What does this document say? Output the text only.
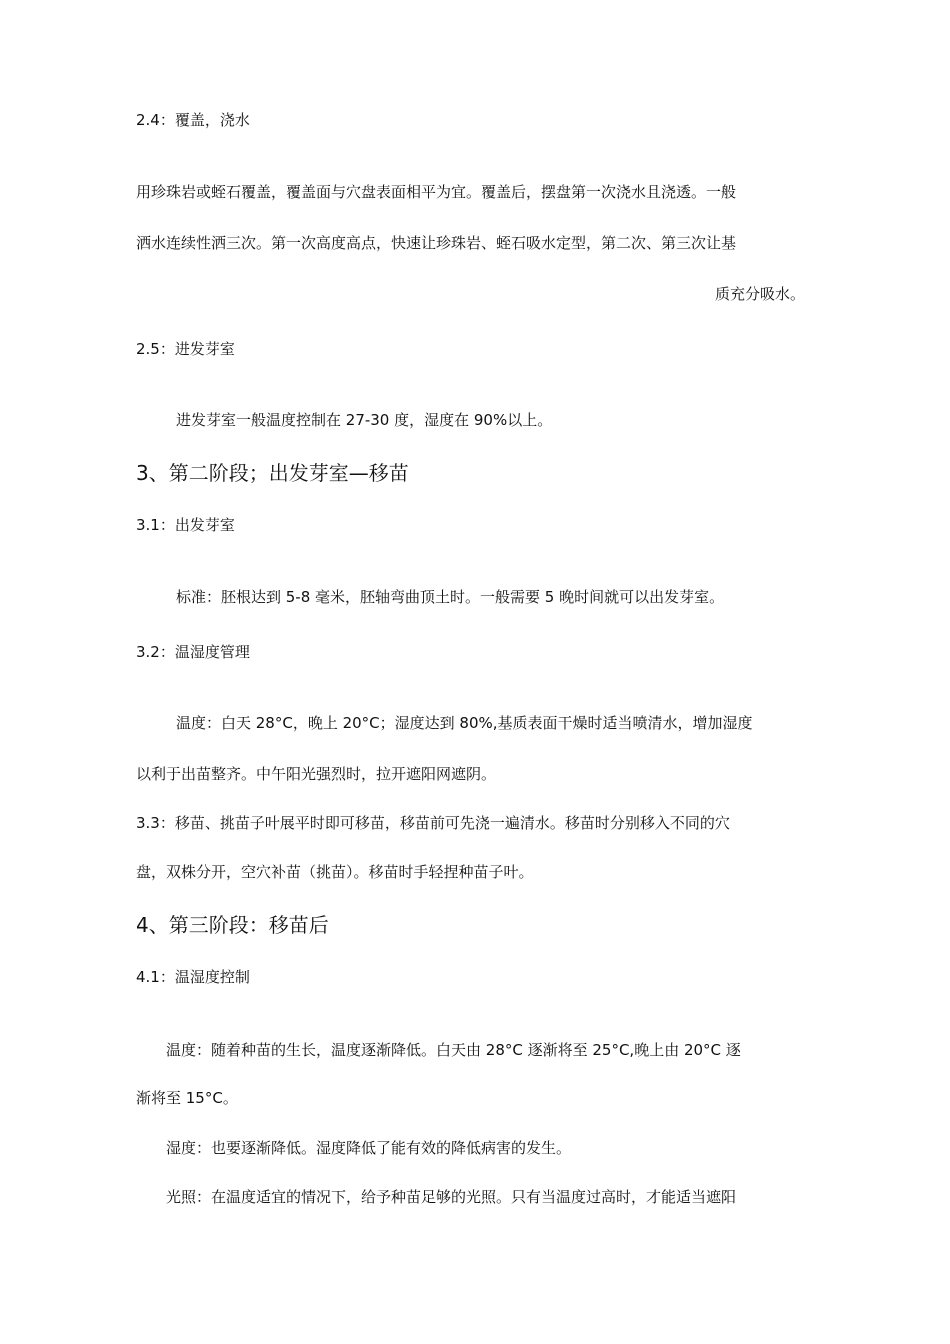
2.4：覆盖，浇水
用珍珠岩或蛭石覆盖，覆盖面与穴盘表面相平为宜。覆盖后，摆盘第一次浇水且浇透。一般
洒水连续性洒三次。第一次高度高点，快速让珍珠岩、蛭石吸水定型，第二次、第三次让基
质充分吸水。
2.5：进发芽室
进发芽室一般温度控制在 27-30 度，湿度在 90%以上。
3、第二阶段；出发芽室—移苗
3.1：出发芽室
标准：胚根达到 5-8 毫米，胚轴弯曲顶土时。一般需要 5 晚时间就可以出发芽室。
3.2：温湿度管理
温度：白天 28°C，晚上 20°C；湿度达到 80%,基质表面干燥时适当喷清水，增加湿度
以利于出苗整齐。中午阳光强烈时，拉开遮阳网遮阴。
3.3：移苗、挑苗子叶展平时即可移苗，移苗前可先浇一遍清水。移苗时分别移入不同的穴
盘，双株分开，空穴补苗（挑苗）。移苗时手轻捏种苗子叶。
4、第三阶段：移苗后
4.1：温湿度控制
温度：随着种苗的生长，温度逐渐降低。白天由 28°C 逐渐将至 25°C,晚上由 20°C 逐
渐将至 15°C。
湿度：也要逐渐降低。湿度降低了能有效的降低病害的发生。
光照：在温度适宜的情况下，给予种苗足够的光照。只有当温度过高时，才能适当遮阳
